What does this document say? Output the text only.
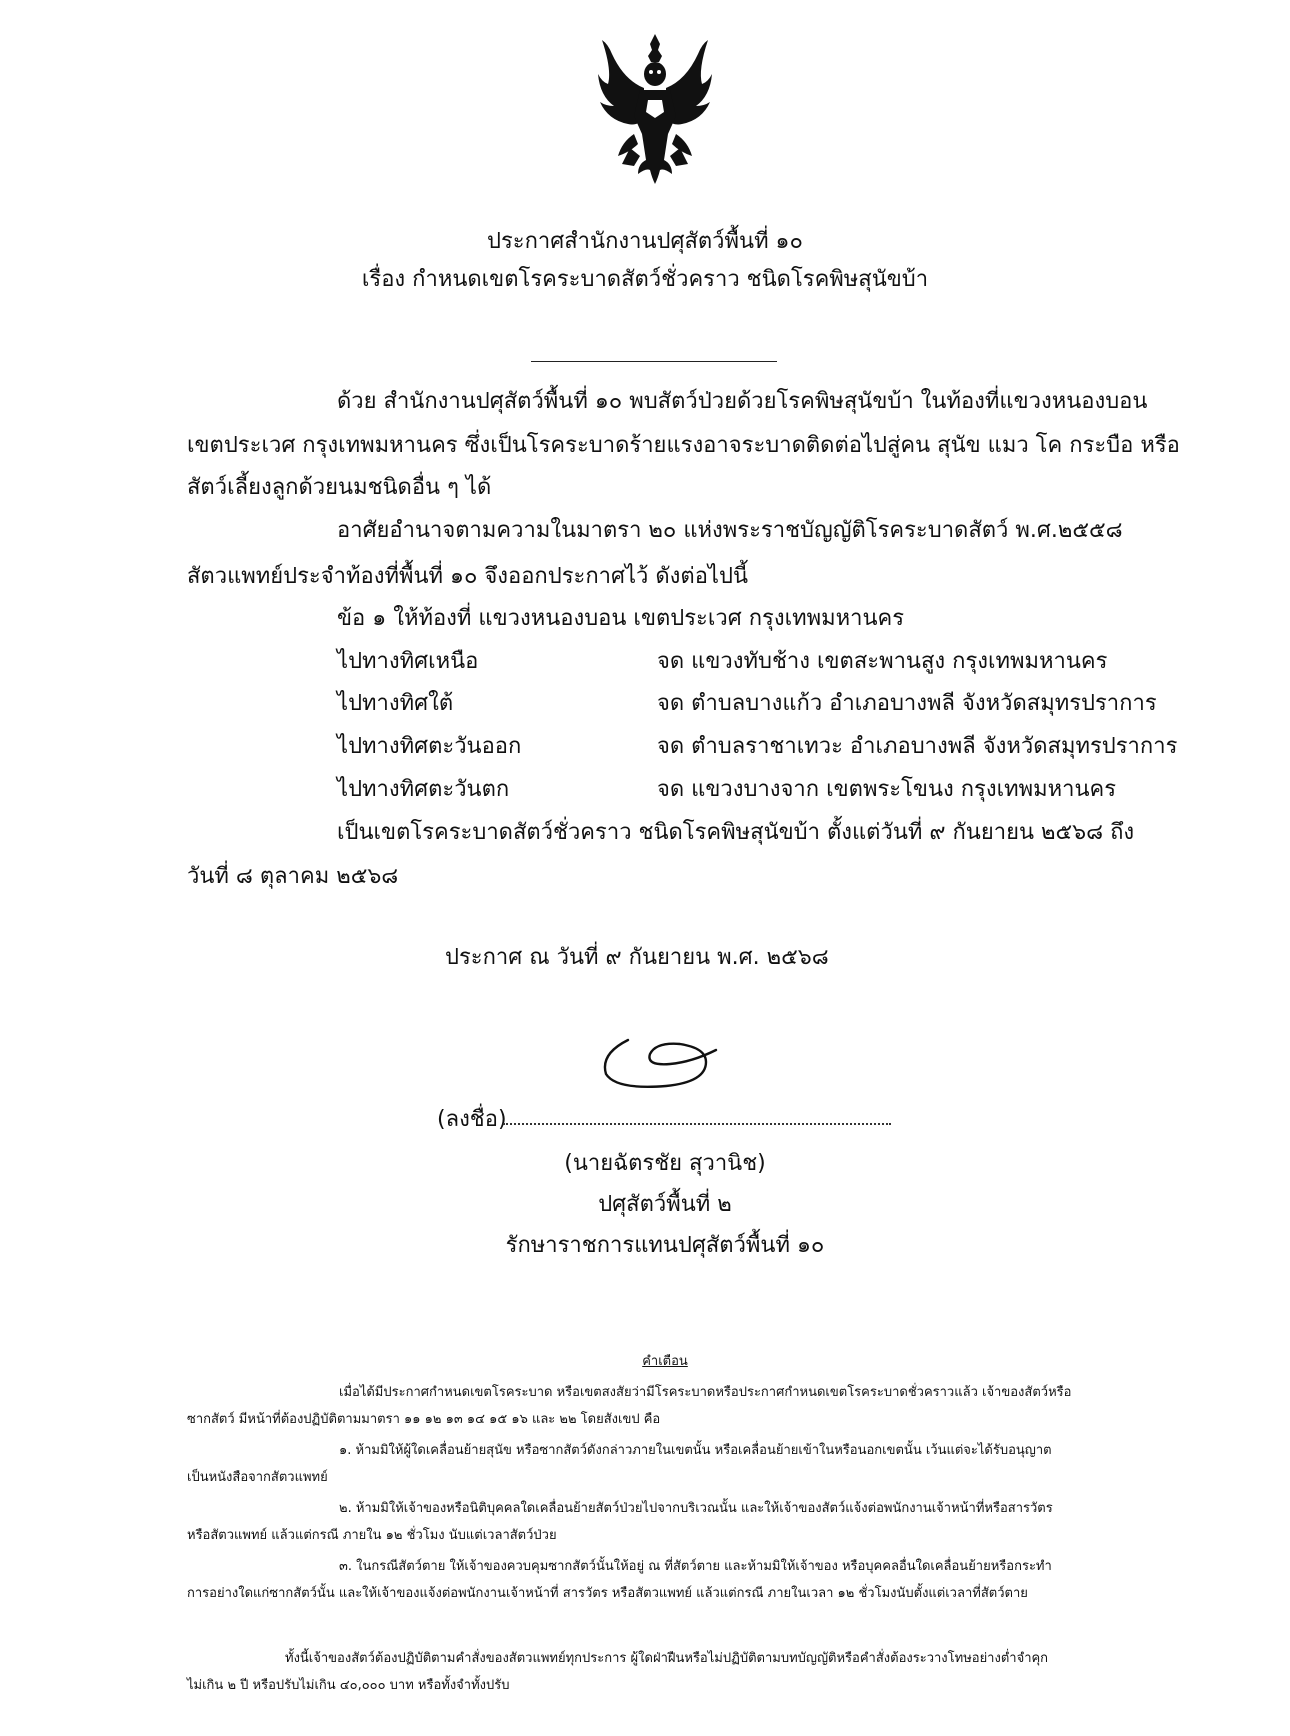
ประกาศสำนักงานปศุสัตว์พื้นที่ ๑๐
เรื่อง กำหนดเขตโรคระบาดสัตว์ชั่วคราว ชนิดโรคพิษสุนัขบ้า
ด้วย สำนักงานปศุสัตว์พื้นที่ ๑๐ พบสัตว์ป่วยด้วยโรคพิษสุนัขบ้า ในท้องที่แขวงหนองบอน
เขตประเวศ กรุงเทพมหานคร ซึ่งเป็นโรคระบาดร้ายแรงอาจระบาดติดต่อไปสู่คน สุนัข แมว โค กระบือ หรือ
สัตว์เลี้ยงลูกด้วยนมชนิดอื่น ๆ ได้
อาศัยอำนาจตามความในมาตรา ๒๐ แห่งพระราชบัญญัติโรคระบาดสัตว์ พ.ศ.๒๕๕๘
สัตวแพทย์ประจำท้องที่พื้นที่ ๑๐ จึงออกประกาศไว้ ดังต่อไปนี้
ข้อ ๑ ให้ท้องที่ แขวงหนองบอน เขตประเวศ กรุงเทพมหานคร
ไปทางทิศเหนือ	จด แขวงทับช้าง เขตสะพานสูง กรุงเทพมหานคร
ไปทางทิศใต้	จด ตำบลบางแก้ว อำเภอบางพลี จังหวัดสมุทรปราการ
ไปทางทิศตะวันออก	จด ตำบลราชาเทวะ อำเภอบางพลี จังหวัดสมุทรปราการ
ไปทางทิศตะวันตก	จด แขวงบางจาก เขตพระโขนง กรุงเทพมหานคร
เป็นเขตโรคระบาดสัตว์ชั่วคราว ชนิดโรคพิษสุนัขบ้า ตั้งแต่วันที่ ๙ กันยายน ๒๕๖๘ ถึง
วันที่ ๘ ตุลาคม ๒๕๖๘
ประกาศ ณ วันที่ ๙ กันยายน พ.ศ. ๒๕๖๘
(ลงชื่อ)
(นายฉัตรชัย สุวานิช)
ปศุสัตว์พื้นที่ ๒
รักษาราชการแทนปศุสัตว์พื้นที่ ๑๐
คำเตือน
เมื่อได้มีประกาศกำหนดเขตโรคระบาด หรือเขตสงสัยว่ามีโรคระบาดหรือประกาศกำหนดเขตโรคระบาดชั่วคราวแล้ว เจ้าของสัตว์หรือ
ซากสัตว์ มีหน้าที่ต้องปฏิบัติตามมาตรา ๑๑ ๑๒ ๑๓ ๑๔ ๑๕ ๑๖ และ ๒๒ โดยสังเขป คือ
๑. ห้ามมิให้ผู้ใดเคลื่อนย้ายสุนัข หรือซากสัตว์ดังกล่าวภายในเขตนั้น หรือเคลื่อนย้ายเข้าในหรือนอกเขตนั้น เว้นแต่จะได้รับอนุญาต
เป็นหนังสือจากสัตวแพทย์
๒. ห้ามมิให้เจ้าของหรือนิติบุคคลใดเคลื่อนย้ายสัตว์ป่วยไปจากบริเวณนั้น และให้เจ้าของสัตว์แจ้งต่อพนักงานเจ้าหน้าที่หรือสารวัตร
หรือสัตวแพทย์ แล้วแต่กรณี ภายใน ๑๒ ชั่วโมง นับแต่เวลาสัตว์ป่วย
๓. ในกรณีสัตว์ตาย ให้เจ้าของควบคุมซากสัตว์นั้นให้อยู่ ณ ที่สัตว์ตาย และห้ามมิให้เจ้าของ หรือบุคคลอื่นใดเคลื่อนย้ายหรือกระทำ
การอย่างใดแก่ซากสัตว์นั้น และให้เจ้าของแจ้งต่อพนักงานเจ้าหน้าที่ สารวัตร หรือสัตวแพทย์ แล้วแต่กรณี ภายในเวลา ๑๒ ชั่วโมงนับตั้งแต่เวลาที่สัตว์ตาย
ทั้งนี้เจ้าของสัตว์ต้องปฏิบัติตามคำสั่งของสัตวแพทย์ทุกประการ ผู้ใดฝ่าฝืนหรือไม่ปฏิบัติตามบทบัญญัติหรือคำสั่งต้องระวางโทษอย่างต่ำจำคุก
ไม่เกิน ๒ ปี หรือปรับไม่เกิน ๔๐,๐๐๐ บาท หรือทั้งจำทั้งปรับ
